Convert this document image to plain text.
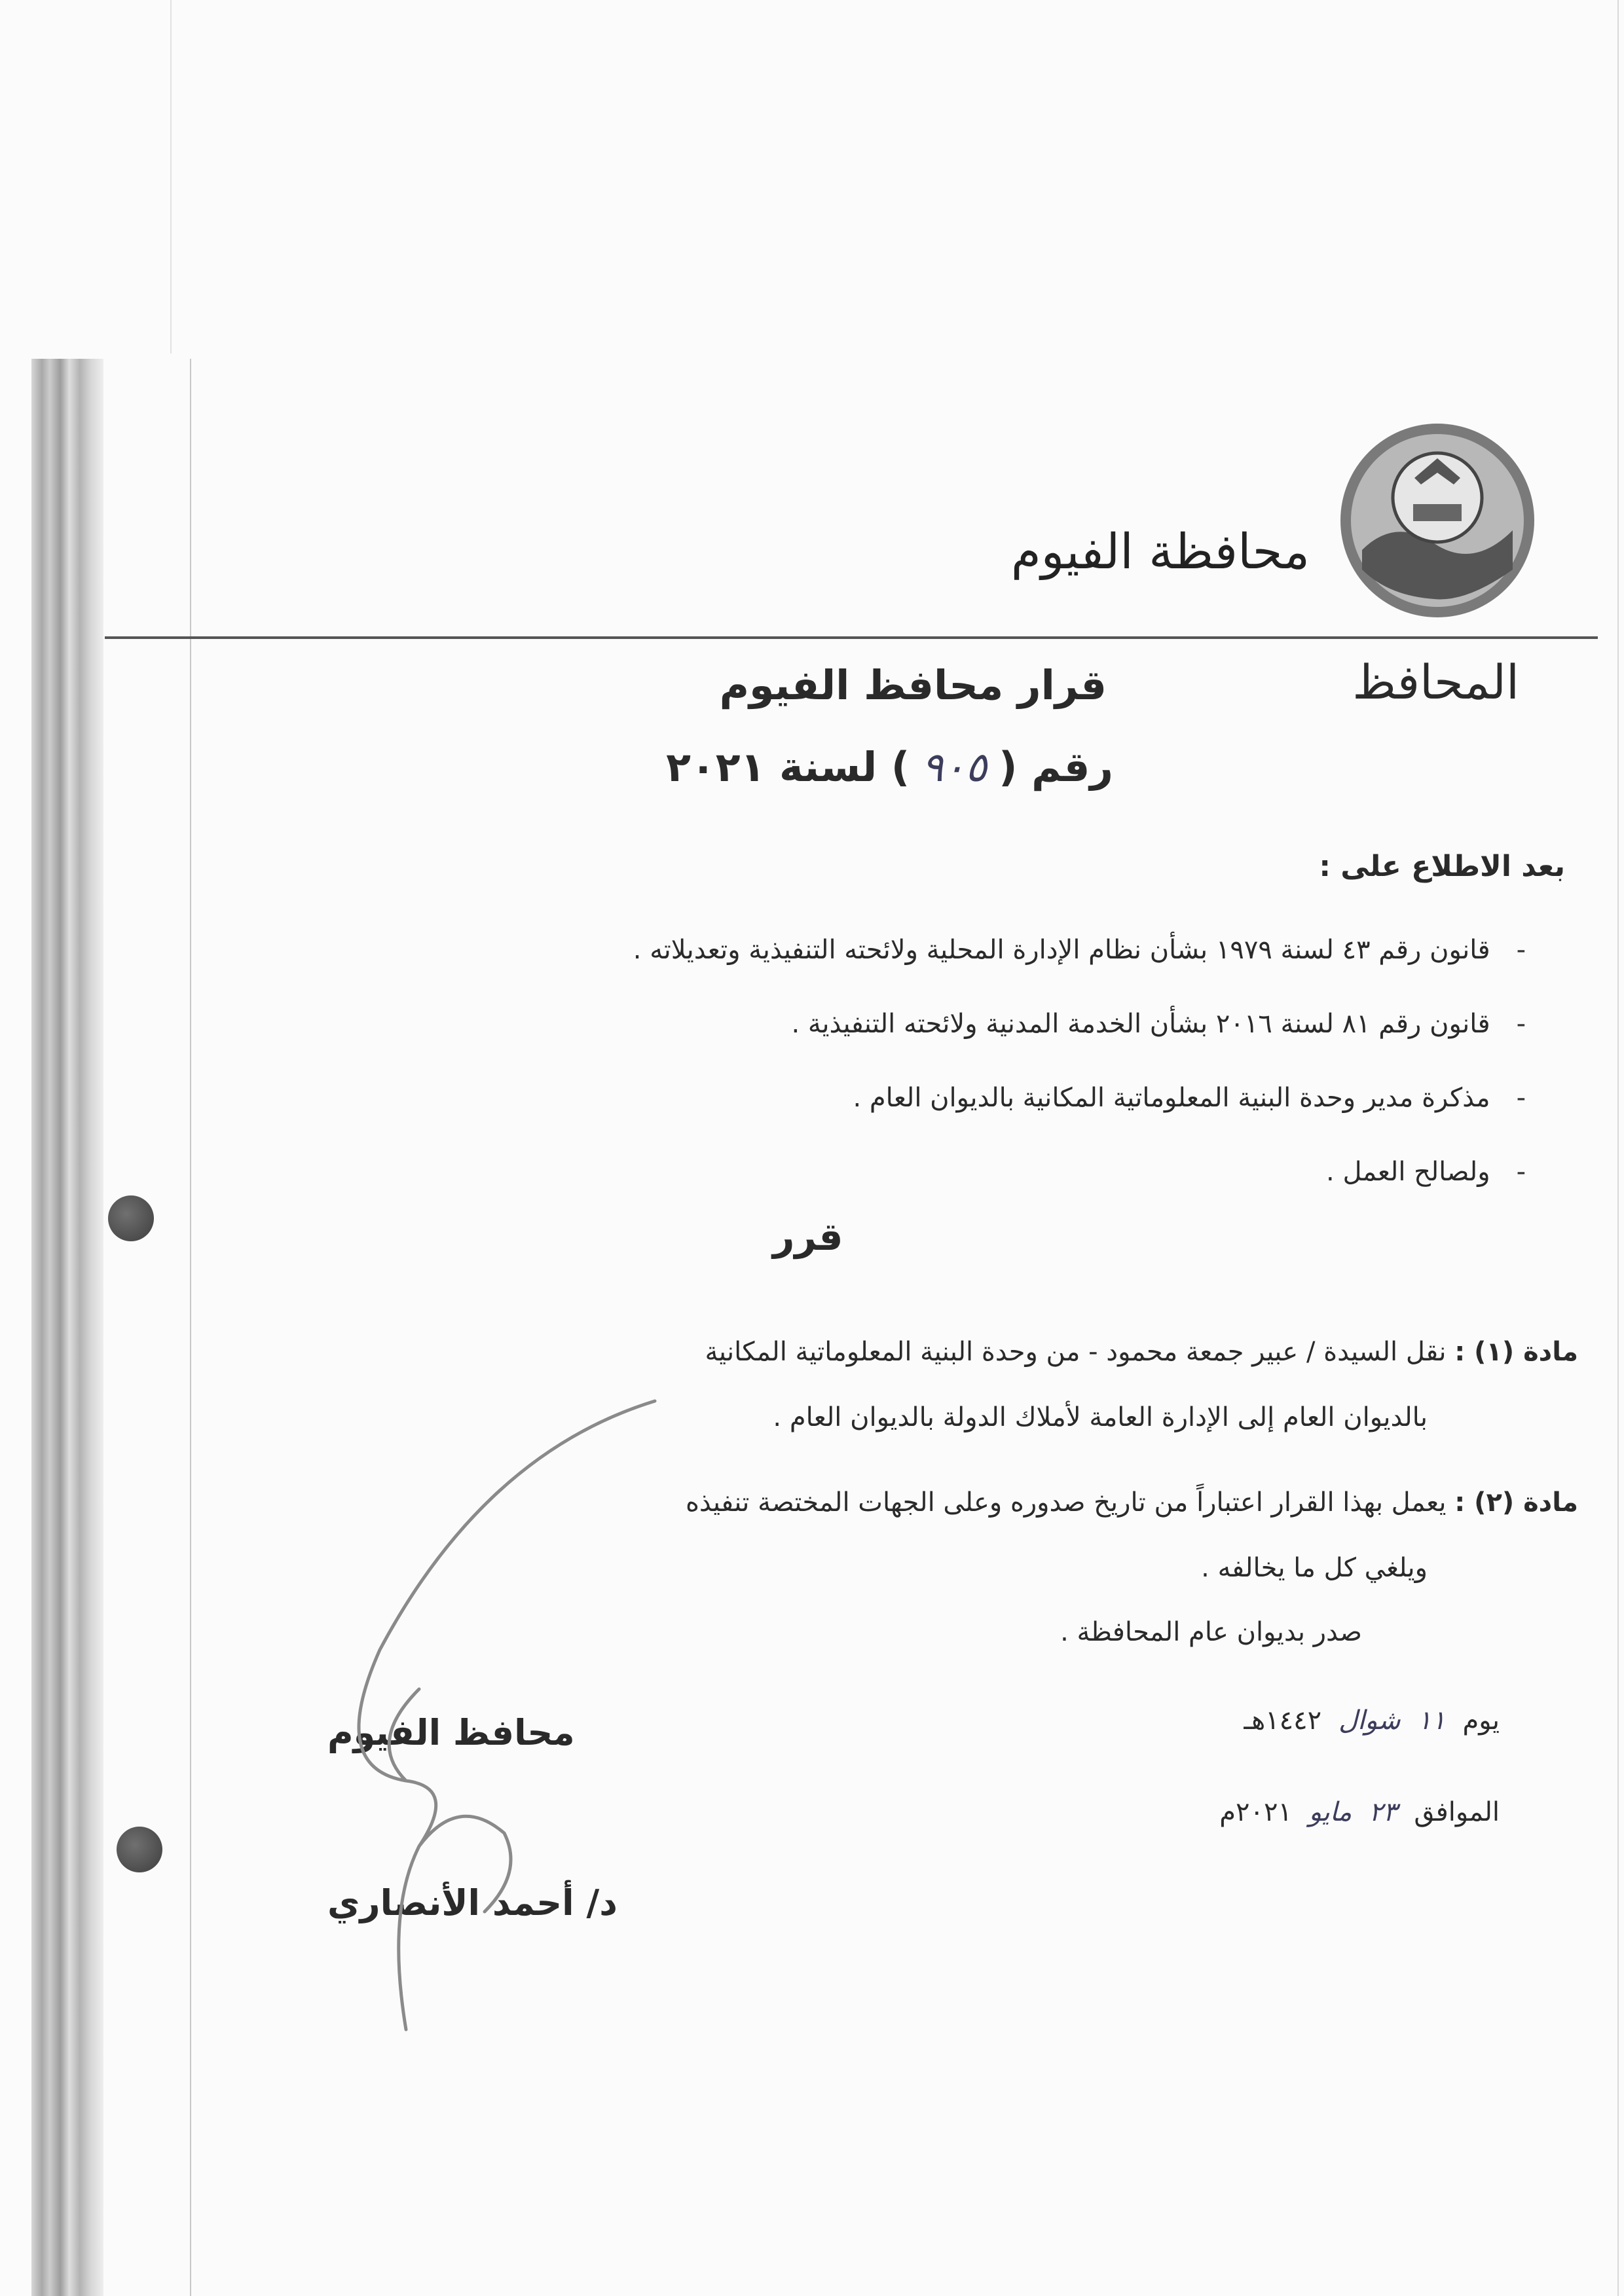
محافظة الفيوم
المحافظ
قرار محافظ الفيوم
رقم (
٩٠٥
) لسنة ٢٠٢١
بعد الاطلاع على :
-
قانون رقم ٤٣ لسنة ١٩٧٩ بشأن نظام الإدارة المحلية ولائحته التنفيذية وتعديلاته .
-
قانون رقم ٨١ لسنة ٢٠١٦ بشأن الخدمة المدنية ولائحته التنفيذية .
-
مذكرة مدير وحدة البنية المعلوماتية المكانية بالديوان العام .
-
ولصالح العمل .
قرر
مادة (١) : نقل السيدة / عبير جمعة محمود - من وحدة البنية المعلوماتية المكانية
بالديوان العام إلى الإدارة العامة لأملاك الدولة بالديوان العام .
مادة (٢) : يعمل بهذا القرار اعتباراً من تاريخ صدوره وعلى الجهات المختصة تنفيذه
ويلغي كل ما يخالفه .
صدر بديوان عام المحافظة .
يوم
١١
شوال
١٤٤٢هـ
الموافق
٢٣
مايو
٢٠٢١م
محافظ الفيوم
د/ أحمد الأنصاري
